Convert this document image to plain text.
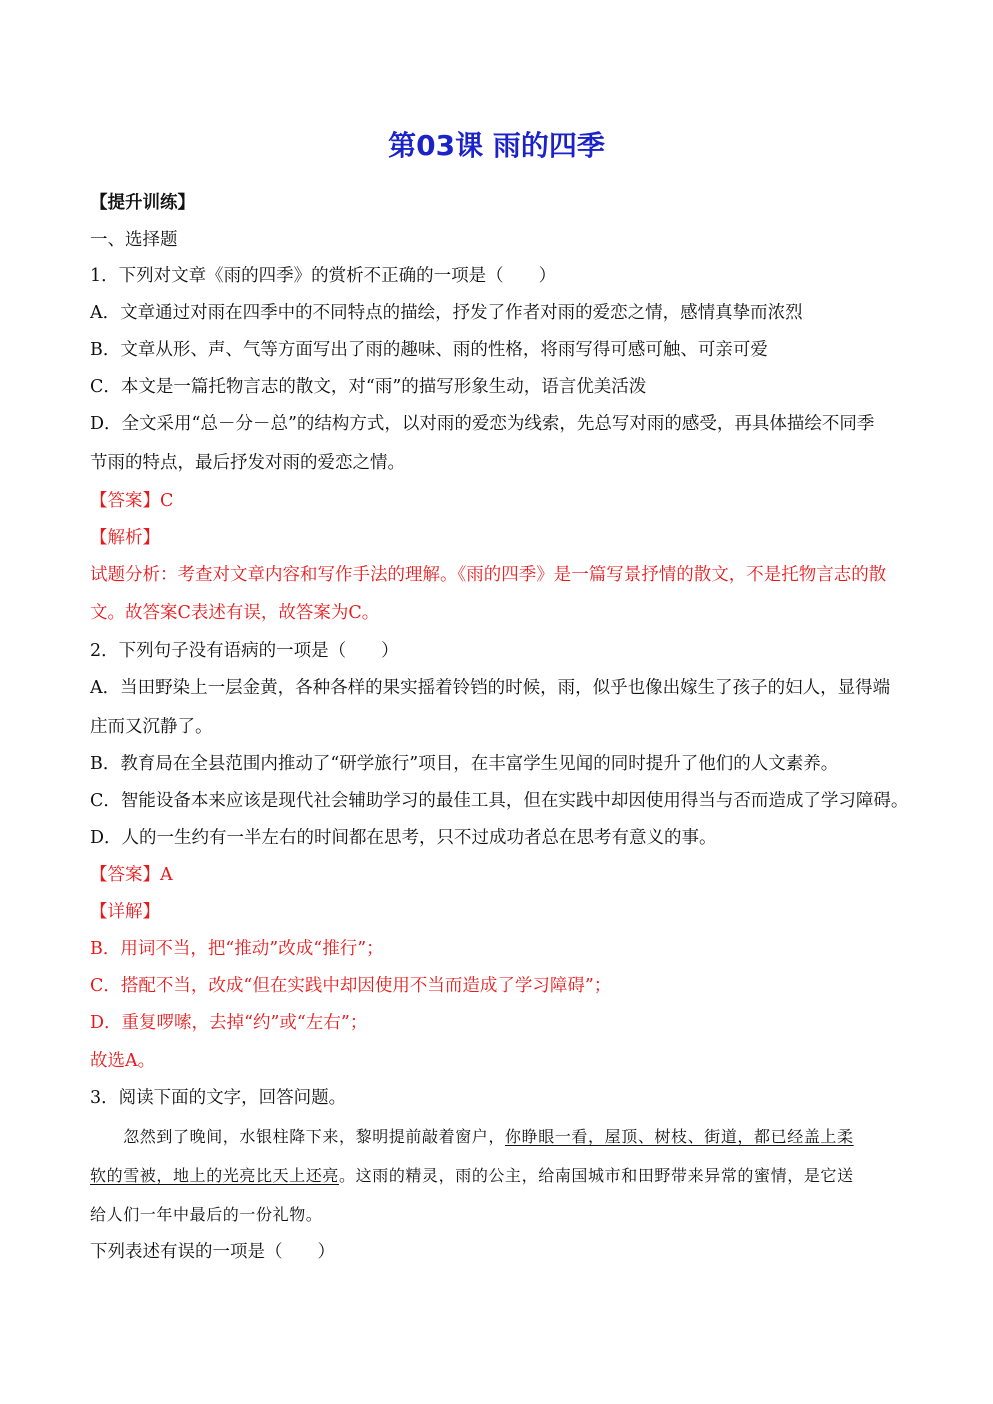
第03课 雨的四季
【提升训练】
一、选择题
1．下列对文章《雨的四季》的赏析不正确的一项是（　　）
A．文章通过对雨在四季中的不同特点的描绘，抒发了作者对雨的爱恋之情，感情真挚而浓烈
B．文章从形、声、气等方面写出了雨的趣味、雨的性格，将雨写得可感可触、可亲可爱
C．本文是一篇托物言志的散文，对“雨”的描写形象生动，语言优美活泼
D．全文采用“总－分－总”的结构方式，以对雨的爱恋为线索，先总写对雨的感受，再具体描绘不同季
节雨的特点，最后抒发对雨的爱恋之情。
【答案】C
【解析】
试题分析：考查对文章内容和写作手法的理解。《雨的四季》是一篇写景抒情的散文，不是托物言志的散
文。故答案C表述有误，故答案为C。
2．下列句子没有语病的一项是（　　）
A．当田野染上一层金黄，各种各样的果实摇着铃铛的时候，雨，似乎也像出嫁生了孩子的妇人，显得端
庄而又沉静了。
B．教育局在全县范围内推动了“研学旅行”项目，在丰富学生见闻的同时提升了他们的人文素养。
C．智能设备本来应该是现代社会辅助学习的最佳工具，但在实践中却因使用得当与否而造成了学习障碍。
D．人的一生约有一半左右的时间都在思考，只不过成功者总在思考有意义的事。
【答案】A
【详解】
B．用词不当，把“推动”改成“推行”；
C．搭配不当，改成“但在实践中却因使用不当而造成了学习障碍”；
D．重复啰嗦，去掉“约”或“左右”；
故选A。
3．阅读下面的文字，回答问题。
　　忽然到了晚间，水银柱降下来，黎明提前敲着窗户，你睁眼一看，屋顶、树枝、街道，都已经盖上柔
软的雪被，地上的光亮比天上还亮。这雨的精灵，雨的公主，给南国城市和田野带来异常的蜜情，是它送
给人们一年中最后的一份礼物。
下列表述有误的一项是（　　）
